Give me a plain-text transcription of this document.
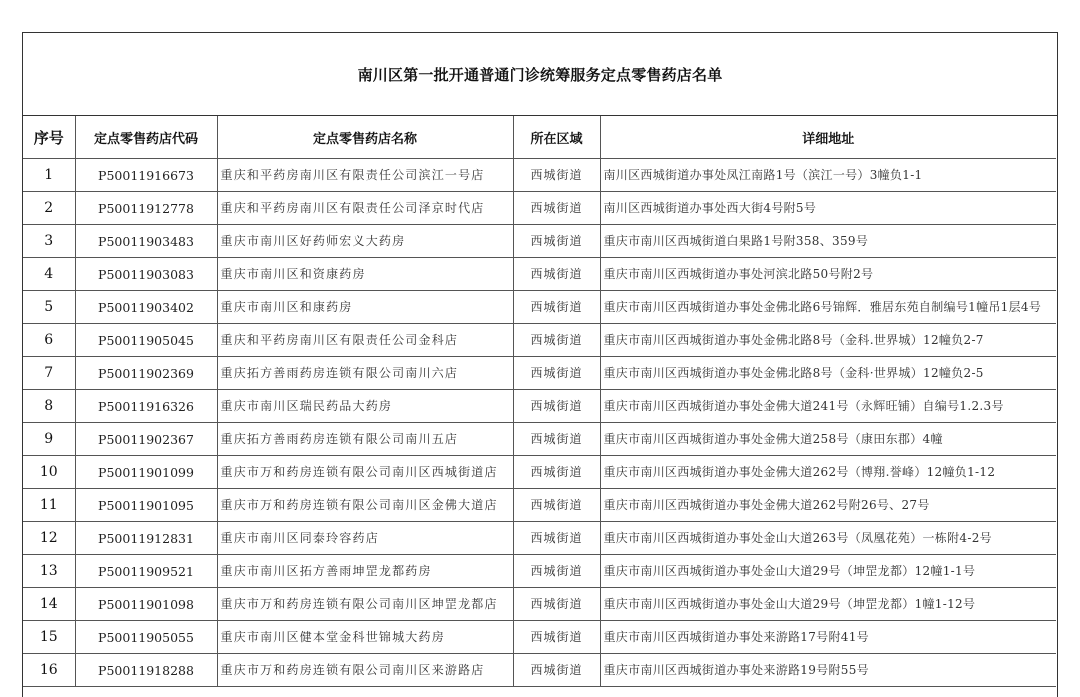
南川区第一批开通普通门诊统筹服务定点零售药店名单
序号	定点零售药店代码	定点零售药店名称	所在区域	详细地址
1	P50011916673	重庆和平药房南川区有限责任公司滨江一号店	西城街道	南川区西城街道办事处凤江南路1号（滨江一号）3幢负1-1
2	P50011912778	重庆和平药房南川区有限责任公司泽京时代店	西城街道	南川区西城街道办事处西大街4号附5号
3	P50011903483	重庆市南川区好药师宏义大药房	西城街道	重庆市南川区西城街道白果路1号附358、359号
4	P50011903083	重庆市南川区和资康药房	西城街道	重庆市南川区西城街道办事处河滨北路50号附2号
5	P50011903402	重庆市南川区和康药房	西城街道	重庆市南川区西城街道办事处金佛北路6号锦辉．雅居东苑自制编号1幢吊1层4号
6	P50011905045	重庆和平药房南川区有限责任公司金科店	西城街道	重庆市南川区西城街道办事处金佛北路8号（金科.世界城）12幢负2-7
7	P50011902369	重庆拓方善雨药房连锁有限公司南川六店	西城街道	重庆市南川区西城街道办事处金佛北路8号（金科·世界城）12幢负2-5
8	P50011916326	重庆市南川区瑞民药品大药房	西城街道	重庆市南川区西城街道办事处金佛大道241号（永辉旺铺）自编号1.2.3号
9	P50011902367	重庆拓方善雨药房连锁有限公司南川五店	西城街道	重庆市南川区西城街道办事处金佛大道258号（康田东郡）4幢
10	P50011901099	重庆市万和药房连锁有限公司南川区西城街道店	西城街道	重庆市南川区西城街道办事处金佛大道262号（博翔.誉峰）12幢负1-12
11	P50011901095	重庆市万和药房连锁有限公司南川区金佛大道店	西城街道	重庆市南川区西城街道办事处金佛大道262号附26号、27号
12	P50011912831	重庆市南川区同泰玲容药店	西城街道	重庆市南川区西城街道办事处金山大道263号（凤凰花苑）一栋附4-2号
13	P50011909521	重庆市南川区拓方善雨坤罡龙都药房	西城街道	重庆市南川区西城街道办事处金山大道29号（坤罡龙都）12幢1-1号
14	P50011901098	重庆市万和药房连锁有限公司南川区坤罡龙都店	西城街道	重庆市南川区西城街道办事处金山大道29号（坤罡龙都）1幢1-12号
15	P50011905055	重庆市南川区健本堂金科世锦城大药房	西城街道	重庆市南川区西城街道办事处来游路17号附41号
16	P50011918288	重庆市万和药房连锁有限公司南川区来游路店	西城街道	重庆市南川区西城街道办事处来游路19号附55号
